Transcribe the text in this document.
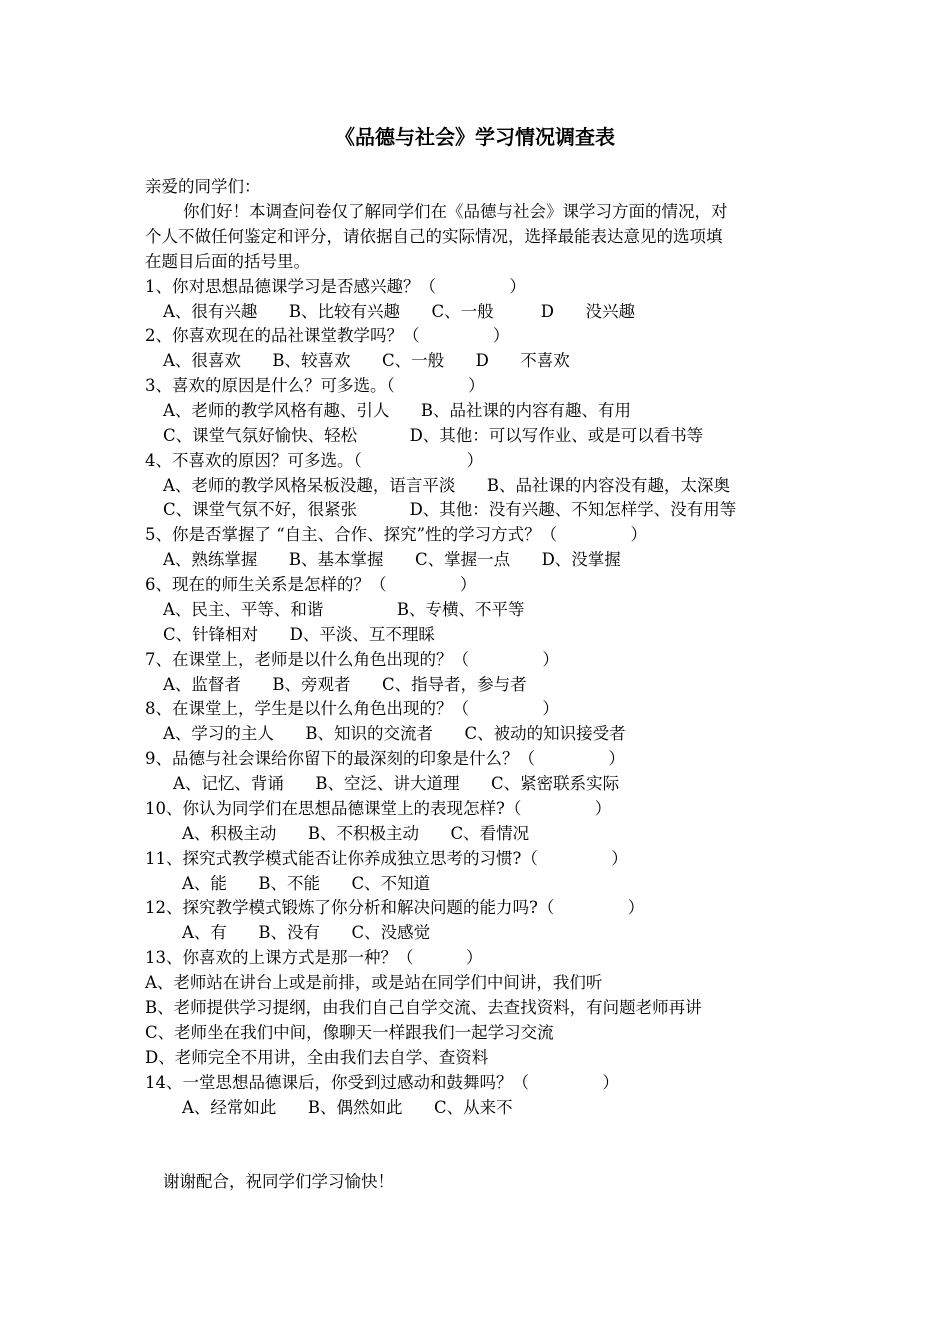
《品德与社会》学习情况调查表
亲爱的同学们：
你们好！本调查问卷仅了解同学们在《品德与社会》课学习方面的情况，对
个人不做任何鉴定和评分，请依据自己的实际情况，选择最能表达意见的选项填
在题目后面的括号里。
1、你对思想品德课学习是否感兴趣？（              ）
A、很有兴趣      B、比较有兴趣      C、一般         D      没兴趣
2、你喜欢现在的品社课堂教学吗？（              ）
A、很喜欢      B、较喜欢      C、一般      D      不喜欢
3、喜欢的原因是什么？可多选。（              ）
A、老师的教学风格有趣、引人      B、品社课的内容有趣、有用
C、课堂气氛好愉快、轻松          D、其他：可以写作业、或是可以看书等
4、不喜欢的原因？可多选。（                    ）
A、老师的教学风格呆板没趣，语言平淡      B、品社课的内容没有趣，太深奥
C、课堂气氛不好，很紧张          D、其他：没有兴趣、不知怎样学、没有用等
5、你是否掌握了 “自主、合作、探究”性的学习方式？（              ）
A、熟练掌握      B、基本掌握      C、掌握一点      D、没掌握
6、现在的师生关系是怎样的？（              ）
A、民主、平等、和谐              B、专横、不平等
C、针锋相对      D、平淡、互不理睬
7、在课堂上，老师是以什么角色出现的？（              ）
A、监督者      B、旁观者      C、指导者，参与者
8、在课堂上，学生是以什么角色出现的？（              ）
A、学习的主人      B、知识的交流者      C、被动的知识接受者
9、品德与社会课给你留下的最深刻的印象是什么？（              ）
A、记忆、背诵      B、空泛、讲大道理      C、紧密联系实际
10、你认为同学们在思想品德课堂上的表现怎样?（              ）
A、积极主动      B、不积极主动      C、看情况
11、探究式教学模式能否让你养成独立思考的习惯?（              ）
A、能      B、不能      C、不知道
12、探究教学模式锻炼了你分析和解决问题的能力吗?（              ）
A、有      B、没有      C、没感觉
13、你喜欢的上课方式是那一种？（          ）
A、老师站在讲台上或是前排，或是站在同学们中间讲，我们听
B、老师提供学习提纲，由我们自己自学交流、去查找资料，有问题老师再讲
C、老师坐在我们中间，像聊天一样跟我们一起学习交流
D、老师完全不用讲，全由我们去自学、查资料
14、一堂思想品德课后，你受到过感动和鼓舞吗？（              ）
A、经常如此      B、偶然如此      C、从来不
谢谢配合，祝同学们学习愉快！
